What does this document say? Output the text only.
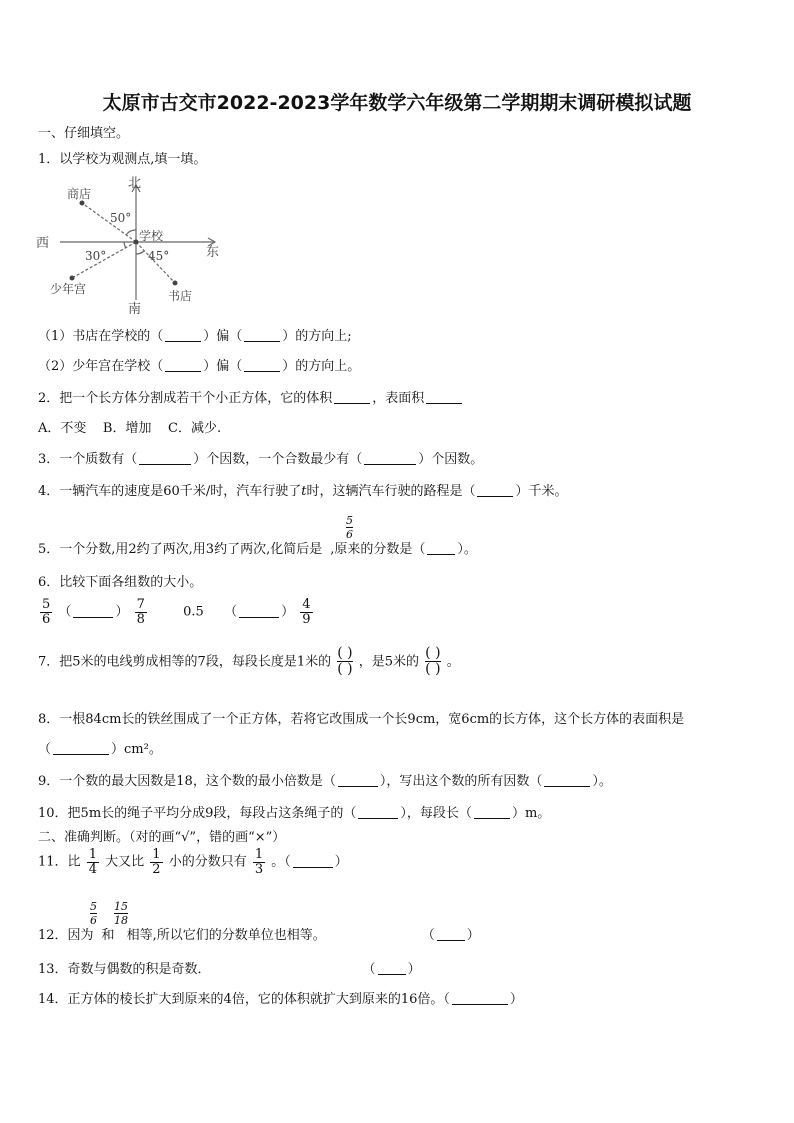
太原市古交市2022-2023学年数学六年级第二学期期末调研模拟试题
一、仔细填空。
1．以学校为观测点,填一填。
北
南
西
东
商店
学校
少年宫	书店
50°
30°	45°
（1）书店在学校的（	）偏（	）的方向上;
（2）少年宫在学校（	）偏（	）的方向上。
2．把一个长方体分割成若干个小正方体，它的体积	，表面积
A．不变    B．增加    C．减少.
3．一个质数有（	）个因数，一个合数最少有（	）个因数。
4．一辆汽车的速度是60千米/时，汽车行驶了t时，这辆汽车行驶的路程是（	）千米。
5
6
5．一个分数,用2约了两次,用3约了两次,化简后是 ,原来的分数是（ ）。
6．比较下面各组数的大小。
$\frac{5}{6}$ （	） $\frac{7}{8}$	0.5 （	） $\frac{4}{9}$
7．把5米的电线剪成相等的7段，每段长度是1米的
( )
( ) ，是5米的
( )
( ) 。
8．一根84cm长的铁丝围成了一个正方体，若将它改围成一个长9cm，宽6cm的长方体，这个长方体的表面积是
（	）cm²。
9．一个数的最大因数是18，这个数的最小倍数是（	），写出这个数的所有因数（	）。
10．把5m长的绳子平均分成9段，每段占这条绳子的（	），每段长（	）m。
二、准确判断。（对的画“√”，错的画“×”）
11．比 $\frac{1}{4}$ 大又比 $\frac{1}{2}$ 小的分数只有 $\frac{1}{3}$ 。（	）
5
6
15
18
12．因为 和 相等,所以它们的分数单位也相等。	（ ）
13．奇数与偶数的积是奇数．	（ ）
14．正方体的棱长扩大到原来的4倍，它的体积就扩大到原来的16倍。（	）
